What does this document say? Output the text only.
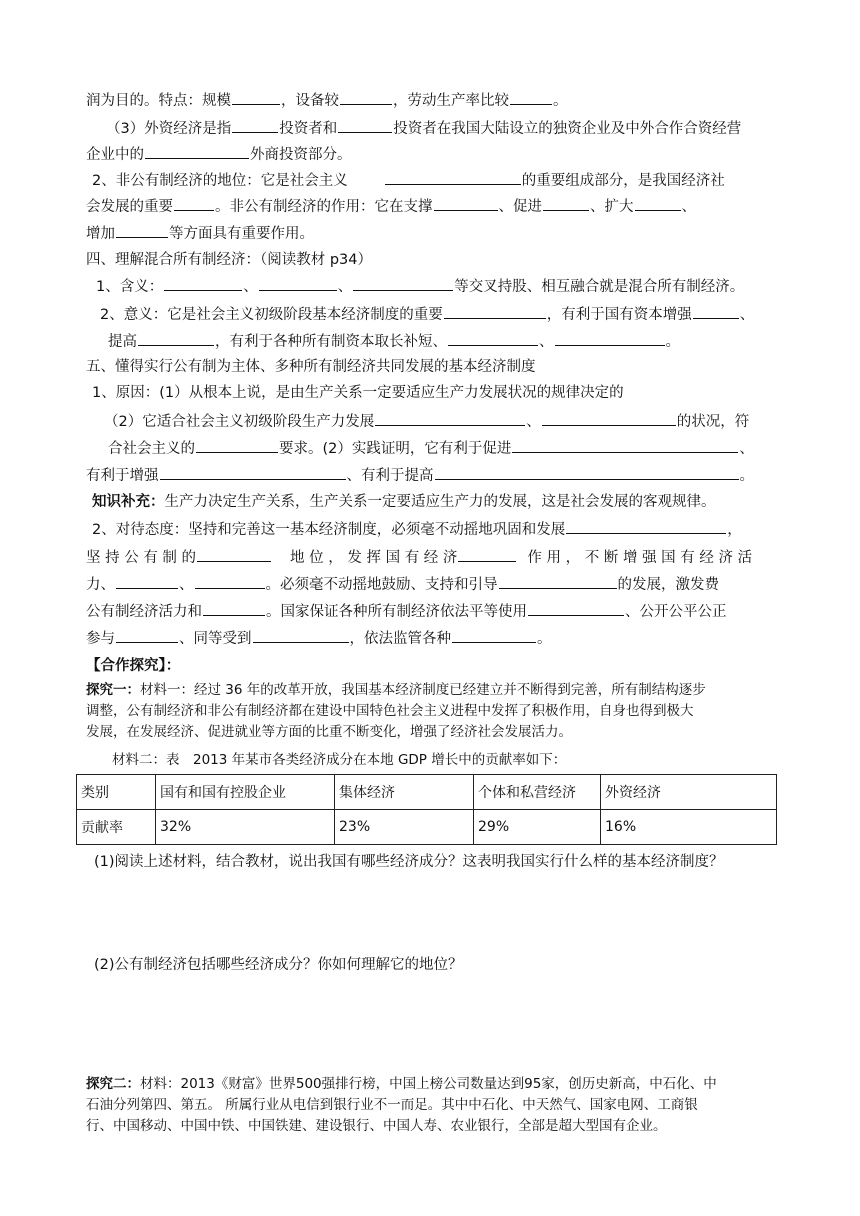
润为目的。特点：规模	，设备较	，劳动生产率比较	。
（3）外资经济是指	投资者和	投资者在我国大陆设立的独资企业及中外合作合资经营
企业中的	外商投资部分。
2、非公有制经济的地位：它是社会主义	的重要组成部分，是我国经济社
会发展的重要	。非公有制经济的作用：它在支撑	、促进	、扩大	、
增加	等方面具有重要作用。
四、理解混合所有制经济：（阅读教材 p34）
1、含义：	、	、	等交叉持股、相互融合就是混合所有制经济。
2、意义：它是社会主义初级阶段基本经济制度的重要	，有利于国有资本增强	、
提高	，有利于各种所有制资本取长补短、	、	。
五、懂得实行公有制为主体、多种所有制经济共同发展的基本经济制度
1、原因：(1）从根本上说，是由生产关系一定要适应生产力发展状况的规律决定的
（2）它适合社会主义初级阶段生产力发展	、	的状况，符
合社会主义的	要求。(2）实践证明，它有利于促进	、
有利于增强	、有利于提高	。
知识补充：生产力决定生产关系，生产关系一定要适应生产力的发展，这是社会发展的客观规律。
2、对待态度：坚持和完善这一基本经济制度，必须毫不动摇地巩固和发展	，
坚 持 公 有 制 的	地 位 ， 发 挥 国 有 经 济	作 用 ， 不 断 增 强 国 有 经 济 活
力、	、	。必须毫不动摇地鼓励、支持和引导	的发展，激发费
公有制经济活力和	。国家保证各种所有制经济依法平等使用	、公开公平公正
参与	、同等受到	，依法监管各种	。
【合作探究】：
探究一：材料一：经过 36 年的改革开放，我国基本经济制度已经建立并不断得到完善，所有制结构逐步
调整，公有制经济和非公有制经济都在建设中国特色社会主义进程中发挥了积极作用，自身也得到极大
发展，在发展经济、促进就业等方面的比重不断变化，增强了经济社会发展活力。
材料二：表　2013 年某市各类经济成分在本地 GDP 增长中的贡献率如下：
类别	国有和国有控股企业	集体经济	个体和私营经济	外资经济
贡献率	32%	23%	29%	16%
(1)阅读上述材料，结合教材，说出我国有哪些经济成分？这表明我国实行什么样的基本经济制度？
(2)公有制经济包括哪些经济成分？你如何理解它的地位？
探究二：材料：2013《财富》世界500强排行榜，中国上榜公司数量达到95家，创历史新高，中石化、中
石油分列第四、第五。 所属行业从电信到银行业不一而足。其中中石化、中天然气、国家电网、工商银
行、中国移动、中国中铁、中国铁建、建设银行、中国人寿、农业银行，全部是超大型国有企业。
